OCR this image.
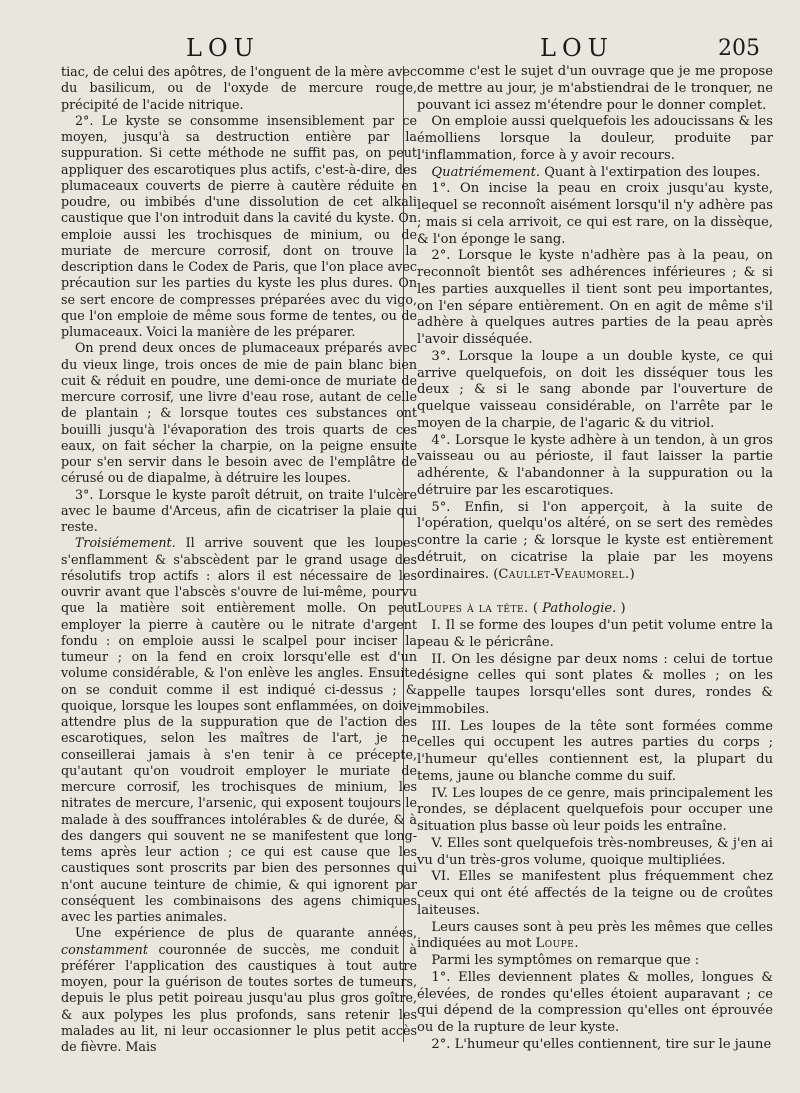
LOU	LOU	205

tiac, de celui des apôtres, de l'onguent de la mère avec du basilicum, ou de l'oxyde de mercure rouge, précipité de l'acide nitrique.

2°. Le kyste se consomme insensiblement par ce moyen, jusqu'à sa destruction entière par la suppuration. Si cette méthode ne suffit pas, on peut appliquer des escarotiques plus actifs, c'est-à-dire, des plumaceaux couverts de pierre à cautère réduite en poudre, ou imbibés d'une dissolution de cet alkali caustique que l'on introduit dans la cavité du kyste. On emploie aussi les trochisques de minium, ou de muriate de mercure corrosif, dont on trouve la description dans le Codex de Paris, que l'on place avec précaution sur les parties du kyste les plus dures. On se sert encore de compresses préparées avec du vigo, que l'on emploie de même sous forme de tentes, ou de plumaceaux. Voici la manière de les préparer.

On prend deux onces de plumaceaux préparés avec du vieux linge, trois onces de mie de pain blanc bien cuit & réduit en poudre, une demi-once de muriate de mercure corrosif, une livre d'eau rose, autant de celle de plantain ; & lorsque toutes ces substances ont bouilli jusqu'à l'évaporation des trois quarts de ces eaux, on fait sécher la charpie, on la peigne ensuite pour s'en servir dans le besoin avec de l'emplâtre de cérusé ou de diapalme, à détruire les loupes.

3°. Lorsque le kyste paroît détruit, on traite l'ulcère avec le baume d'Arceus, afin de cicatriser la plaie qui reste.

Troisiémement. Il arrive souvent que les loupes s'enflamment & s'abscèdent par le grand usage des résolutifs trop actifs : alors il est nécessaire de les ouvrir avant que l'abscès s'ouvre de lui-même, pourvu que la matière soit entièrement molle. On peut employer la pierre à cautère ou le nitrate d'argent fondu : on emploie aussi le scalpel pour inciser la tumeur ; on la fend en croix lorsqu'elle est d'un volume considérable, & l'on enlève les angles. Ensuite on se conduit comme il est indiqué ci-dessus ; & quoique, lorsque les loupes sont enflammées, on doive attendre plus de la suppuration que de l'action des escarotiques, selon les maîtres de l'art, je ne conseillerai jamais à s'en tenir à ce précepte, qu'autant qu'on voudroit employer le muriate de mercure corrosif, les trochisques de minium, les nitrates de mercure, l'arsenic, qui exposent toujours le malade à des souffrances intolérables & de durée, & à des dangers qui souvent ne se manifestent que long-tems après leur action ; ce qui est cause que les caustiques sont proscrits par bien des personnes qui n'ont aucune teinture de chimie, & qui ignorent par conséquent les combinaisons des agens chimiques avec les parties animales.

Une expérience de plus de quarante années, constamment couronnée de succès, me conduit à préférer l'application des caustiques à tout autre moyen, pour la guérison de toutes sortes de tumeurs, depuis le plus petit poireau jusqu'au plus gros goître, & aux polypes les plus profonds, sans retenir les malades au lit, ni leur occasionner le plus petit accès de fièvre. Mais

comme c'est le sujet d'un ouvrage que je me propose de mettre au jour, je m'abstiendrai de le tronquer, ne pouvant ici assez m'étendre pour le donner complet.

On emploie aussi quelquefois les adoucissans & les émolliens lorsque la douleur, produite par l'inflammation, force à y avoir recours.

Quatriémement. Quant à l'extirpation des loupes.

1°. On incise la peau en croix jusqu'au kyste, lequel se reconnoît aisément lorsqu'il n'y adhère pas ; mais si cela arrivoit, ce qui est rare, on la dissèque, & l'on éponge le sang.

2°. Lorsque le kyste n'adhère pas à la peau, on reconnoît bientôt ses adhérences inférieures ; & si les parties auxquelles il tient sont peu importantes, on l'en sépare entièrement. On en agit de même s'il adhère à quelques autres parties de la peau après l'avoir disséquée.

3°. Lorsque la loupe a un double kyste, ce qui arrive quelquefois, on doit les disséquer tous les deux ; & si le sang abonde par l'ouverture de quelque vaisseau considérable, on l'arrête par le moyen de la charpie, de l'agaric & du vitriol.

4°. Lorsque le kyste adhère à un tendon, à un gros vaisseau ou au périoste, il faut laisser la partie adhérente, & l'abandonner à la suppuration ou la détruire par les escarotiques.

5°. Enfin, si l'on apperçoit, à la suite de l'opération, quelqu'os altéré, on se sert des remèdes contre la carie ; & lorsque le kyste est entièrement détruit, on cicatrise la plaie par les moyens ordinaires. (Caullet-Veaumorel.)

Loupes à la tête. ( Pathologie. )

I. Il se forme des loupes d'un petit volume entre la peau & le péricrâne.

II. On les désigne par deux noms : celui de tortue désigne celles qui sont plates & molles ; on les appelle taupes lorsqu'elles sont dures, rondes & immobiles.

III. Les loupes de la tête sont formées comme celles qui occupent les autres parties du corps ; l'humeur qu'elles contiennent est, la plupart du tems, jaune ou blanche comme du suif.

IV. Les loupes de ce genre, mais principalement les rondes, se déplacent quelquefois pour occuper une situation plus basse où leur poids les entraîne.

V. Elles sont quelquefois très-nombreuses, & j'en ai vu d'un très-gros volume, quoique multipliées.

VI. Elles se manifestent plus fréquemment chez ceux qui ont été affectés de la teigne ou de croûtes laiteuses.

Leurs causes sont à peu près les mêmes que celles indiquées au mot Loupe.

Parmi les symptômes on remarque que :

1°. Elles deviennent plates & molles, longues & élevées, de rondes qu'elles étoient auparavant ; ce qui dépend de la compression qu'elles ont éprouvée ou de la rupture de leur kyste.

2°. L'humeur qu'elles contiennent, tire sur le jaune
